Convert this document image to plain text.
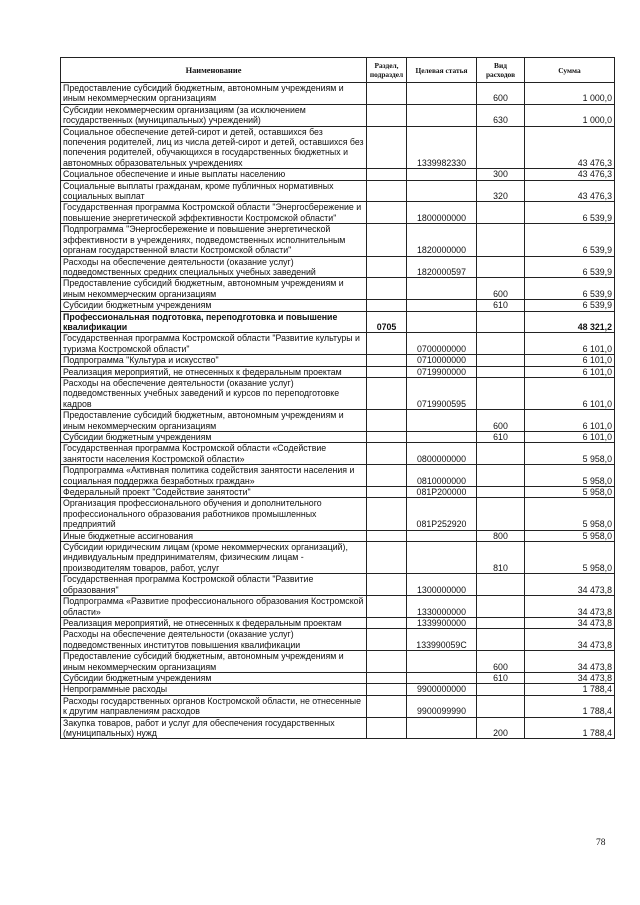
Наименование	Раздел, подраздел	Целевая статья	Вид расходов	Сумма
Предоставление субсидий бюджетным, автономным учреждениям и иным некоммерческим организациям			600	1 000,0
Субсидии некоммерческим организациям (за исключением государственных (муниципальных) учреждений)			630	1 000,0
Социальное обеспечение детей-сирот и детей, оставшихся без попечения родителей, лиц из числа детей-сирот и детей, оставшихся без попечения родителей, обучающихся в государственных бюджетных и автономных образовательных учреждениях		1339982330		43 476,3
Социальное обеспечение и иные выплаты населению			300	43 476,3
Социальные выплаты гражданам, кроме публичных нормативных социальных выплат			320	43 476,3
Государственная программа Костромской области "Энергосбережение и повышение энергетической эффективности Костромской области"		1800000000		6 539,9
Подпрограмма "Энергосбережение и повышение энергетической эффективности в учреждениях, подведомственных исполнительным органам государственной власти Костромской области"		1820000000		6 539,9
Расходы на обеспечение деятельности (оказание услуг) подведомственных средних специальных учебных заведений		1820000597		6 539,9
Предоставление субсидий бюджетным, автономным учреждениям и иным некоммерческим организациям			600	6 539,9
Субсидии бюджетным учреждениям			610	6 539,9
Профессиональная подготовка, переподготовка и повышение квалификации	0705			48 321,2
Государственная программа Костромской области "Развитие культуры и туризма Костромской области"		0700000000		6 101,0
Подпрограмма "Культура и искусство"		0710000000		6 101,0
Реализация мероприятий, не отнесенных к федеральным проектам		0719900000		6 101,0
Расходы на обеспечение деятельности (оказание услуг) подведомственных учебных заведений и курсов по переподготовке кадров		0719900595		6 101,0
Предоставление субсидий бюджетным, автономным учреждениям и иным некоммерческим организациям			600	6 101,0
Субсидии бюджетным учреждениям			610	6 101,0
Государственная программа Костромской области «Содействие занятости населения Костромской области»		0800000000		5 958,0
Подпрограмма «Активная политика содействия занятости населения и социальная поддержка безработных граждан»		0810000000		5 958,0
Федеральный проект "Содействие занятости"		081P200000		5 958,0
Организация профессионального обучения и дополнительного профессионального образования работников промышленных предприятий		081P252920		5 958,0
Иные бюджетные ассигнования			800	5 958,0
Субсидии юридическим лицам (кроме некоммерческих организаций), индивидуальным предпринимателям, физическим лицам - производителям товаров, работ, услуг			810	5 958,0
Государственная программа Костромской области "Развитие образования"		1300000000		34 473,8
Подпрограмма «Развитие профессионального образования Костромской области»		1330000000		34 473,8
Реализация мероприятий, не отнесенных к федеральным проектам		1339900000		34 473,8
Расходы на обеспечение деятельности (оказание услуг) подведомственных институтов повышения квалификации		133990059C		34 473,8
Предоставление субсидий бюджетным, автономным учреждениям и иным некоммерческим организациям			600	34 473,8
Субсидии бюджетным учреждениям			610	34 473,8
Непрограммные расходы		9900000000		1 788,4
Расходы государственных органов Костромской области, не отнесенные к другим направлениям расходов		9900099990		1 788,4
Закупка товаров, работ и услуг для обеспечения государственных (муниципальных) нужд			200	1 788,4
78
